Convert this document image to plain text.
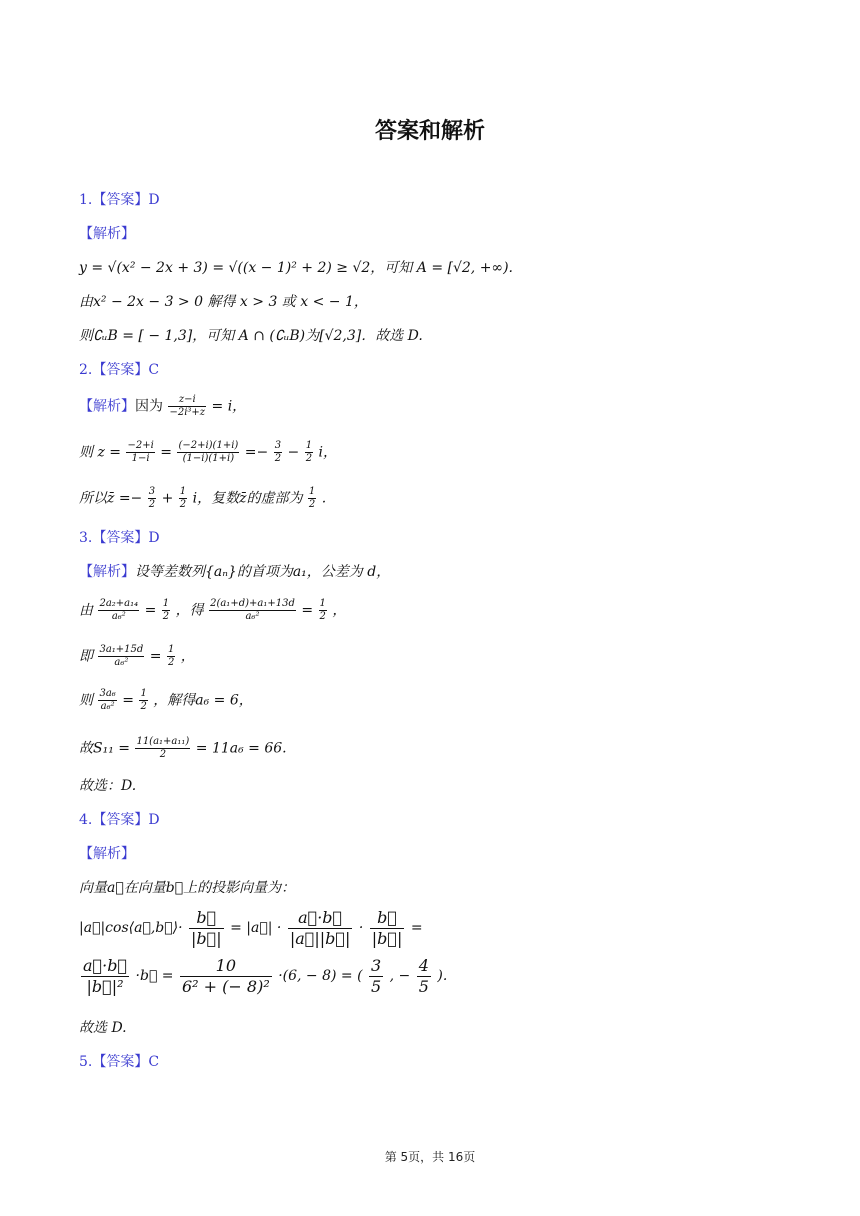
答案和解析
1.【答案】D
【解析】
y = √(x² − 2x + 3) = √((x − 1)² + 2) ≥ √2，可知 A = [√2, +∞).
由x² − 2x − 3 > 0 解得 x > 3 或 x < − 1，
则∁ᵤB = [ − 1,3]，可知 A ∩ (∁ᵤB)为[√2,3]．故选 D.
2.【答案】C
【解析】因为 $\frac{z-i}{\text{−2i³+z}} = i$，
则 $z = \frac{-2+i}{1-i} = \frac{(-2+i)(1+i)}{(1-i)(1+i)} =- \frac{3}{2} - \frac{1}{2}$ i，
所以z̄ =− $\frac{3}{2} + \frac{1}{2}$ i，复数z̄的虚部为 $\frac{1}{2}$ .
3.【答案】D
【解析】设等差数列{aₙ}的首项为a₁，公差为 d，
由 $\frac{\text{2a₂+a₁₄}}{\text{a₆²}} = \frac{1}{2}$ ，得 $\frac{\text{2(a₁+d)+a₁+13d}}{\text{a₆²}} = \frac{1}{2}$ ，
即 $\frac{\text{3a₁+15d}}{\text{a₆²}} = \frac{1}{2}$ ，
则 $\frac{\text{3a₆}}{\text{a₆²}} = \frac{1}{2}$ ，解得a₆ = 6，
故$S_{11} = \frac{\text{11(a₁+a₁₁)}}{2} = 11a_6 = 66$.
故选：D.
4.【答案】D
【解析】
向量a⃗在向量b⃗上的投影向量为：
|a⃗|cos⟨a⃗,b⃗⟩· $\frac{b⃗}{|b⃗|}$ = |a⃗| · $\frac{a⃗\cdot b⃗}{|a⃗||b⃗|} \cdot \frac{b⃗}{|b⃗|}$ =
$\frac{a⃗\cdot b⃗}{\text{|b⃗|²}}$ ·b⃗ = $\frac{10}{\text{6² + (− 8)²}} \cdot(6$, − 8) = ( $\frac{3}{5}$ , − $\frac{4}{5}$ ).
故选 D.
5.【答案】C
第 5页，共 16页
